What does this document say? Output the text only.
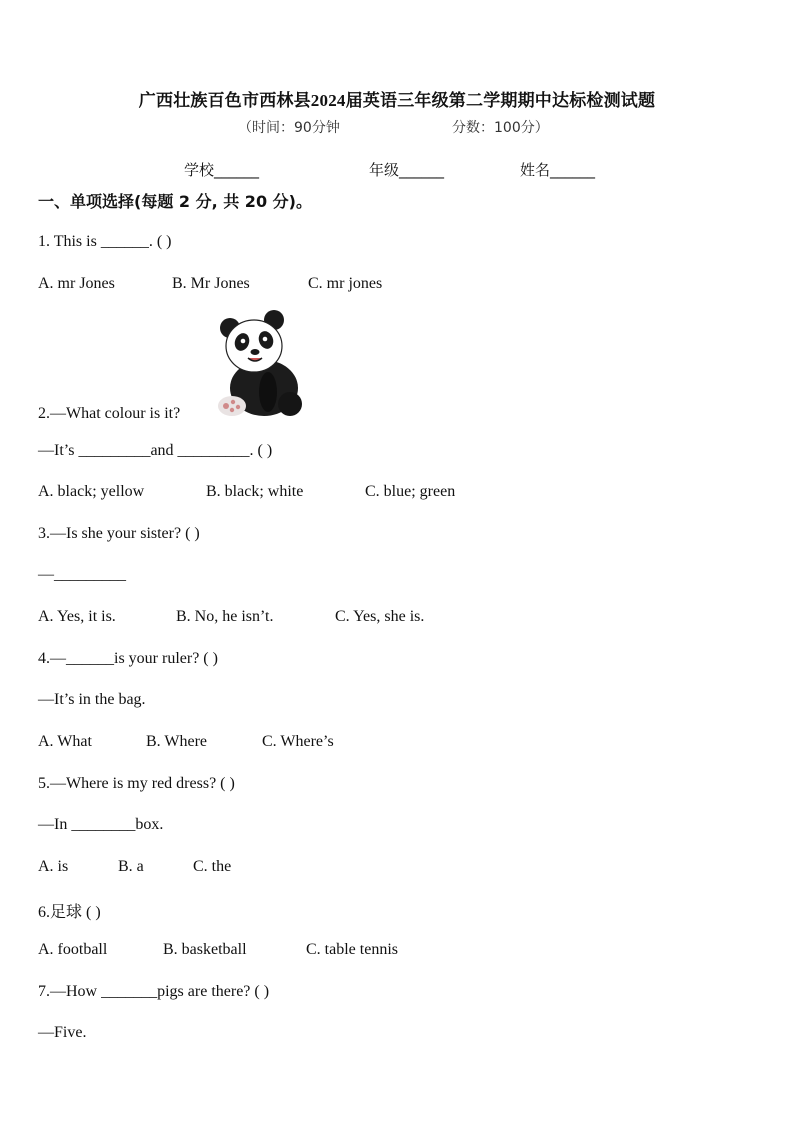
广西壮族百色市西林县2024届英语三年级第二学期期中达标检测试题
（时间：90分钟	分数：100分）
学校______	年级______	姓名______
一、单项选择(每题 2 分, 共 20 分)。
1. This is ______. ( )
A. mr Jones	B. Mr Jones	C. mr jones
2.—What colour is it?
—It’s _________and _________. ( )
A. black; yellow	B. black; white	C. blue; green
3.—Is she your sister? ( )
—_________
A. Yes, it is.	B. No, he isn’t.	C. Yes, she is.
4.—______is your ruler? ( )
—It’s in the bag.
A. What	B. Where	C. Where’s
5.—Where is my red dress? ( )
—In ________box.
A. is	B. a	C. the
6.足球 ( )
A. football	B. basketball	C. table tennis
7.—How _______pigs are there? ( )
—Five.
